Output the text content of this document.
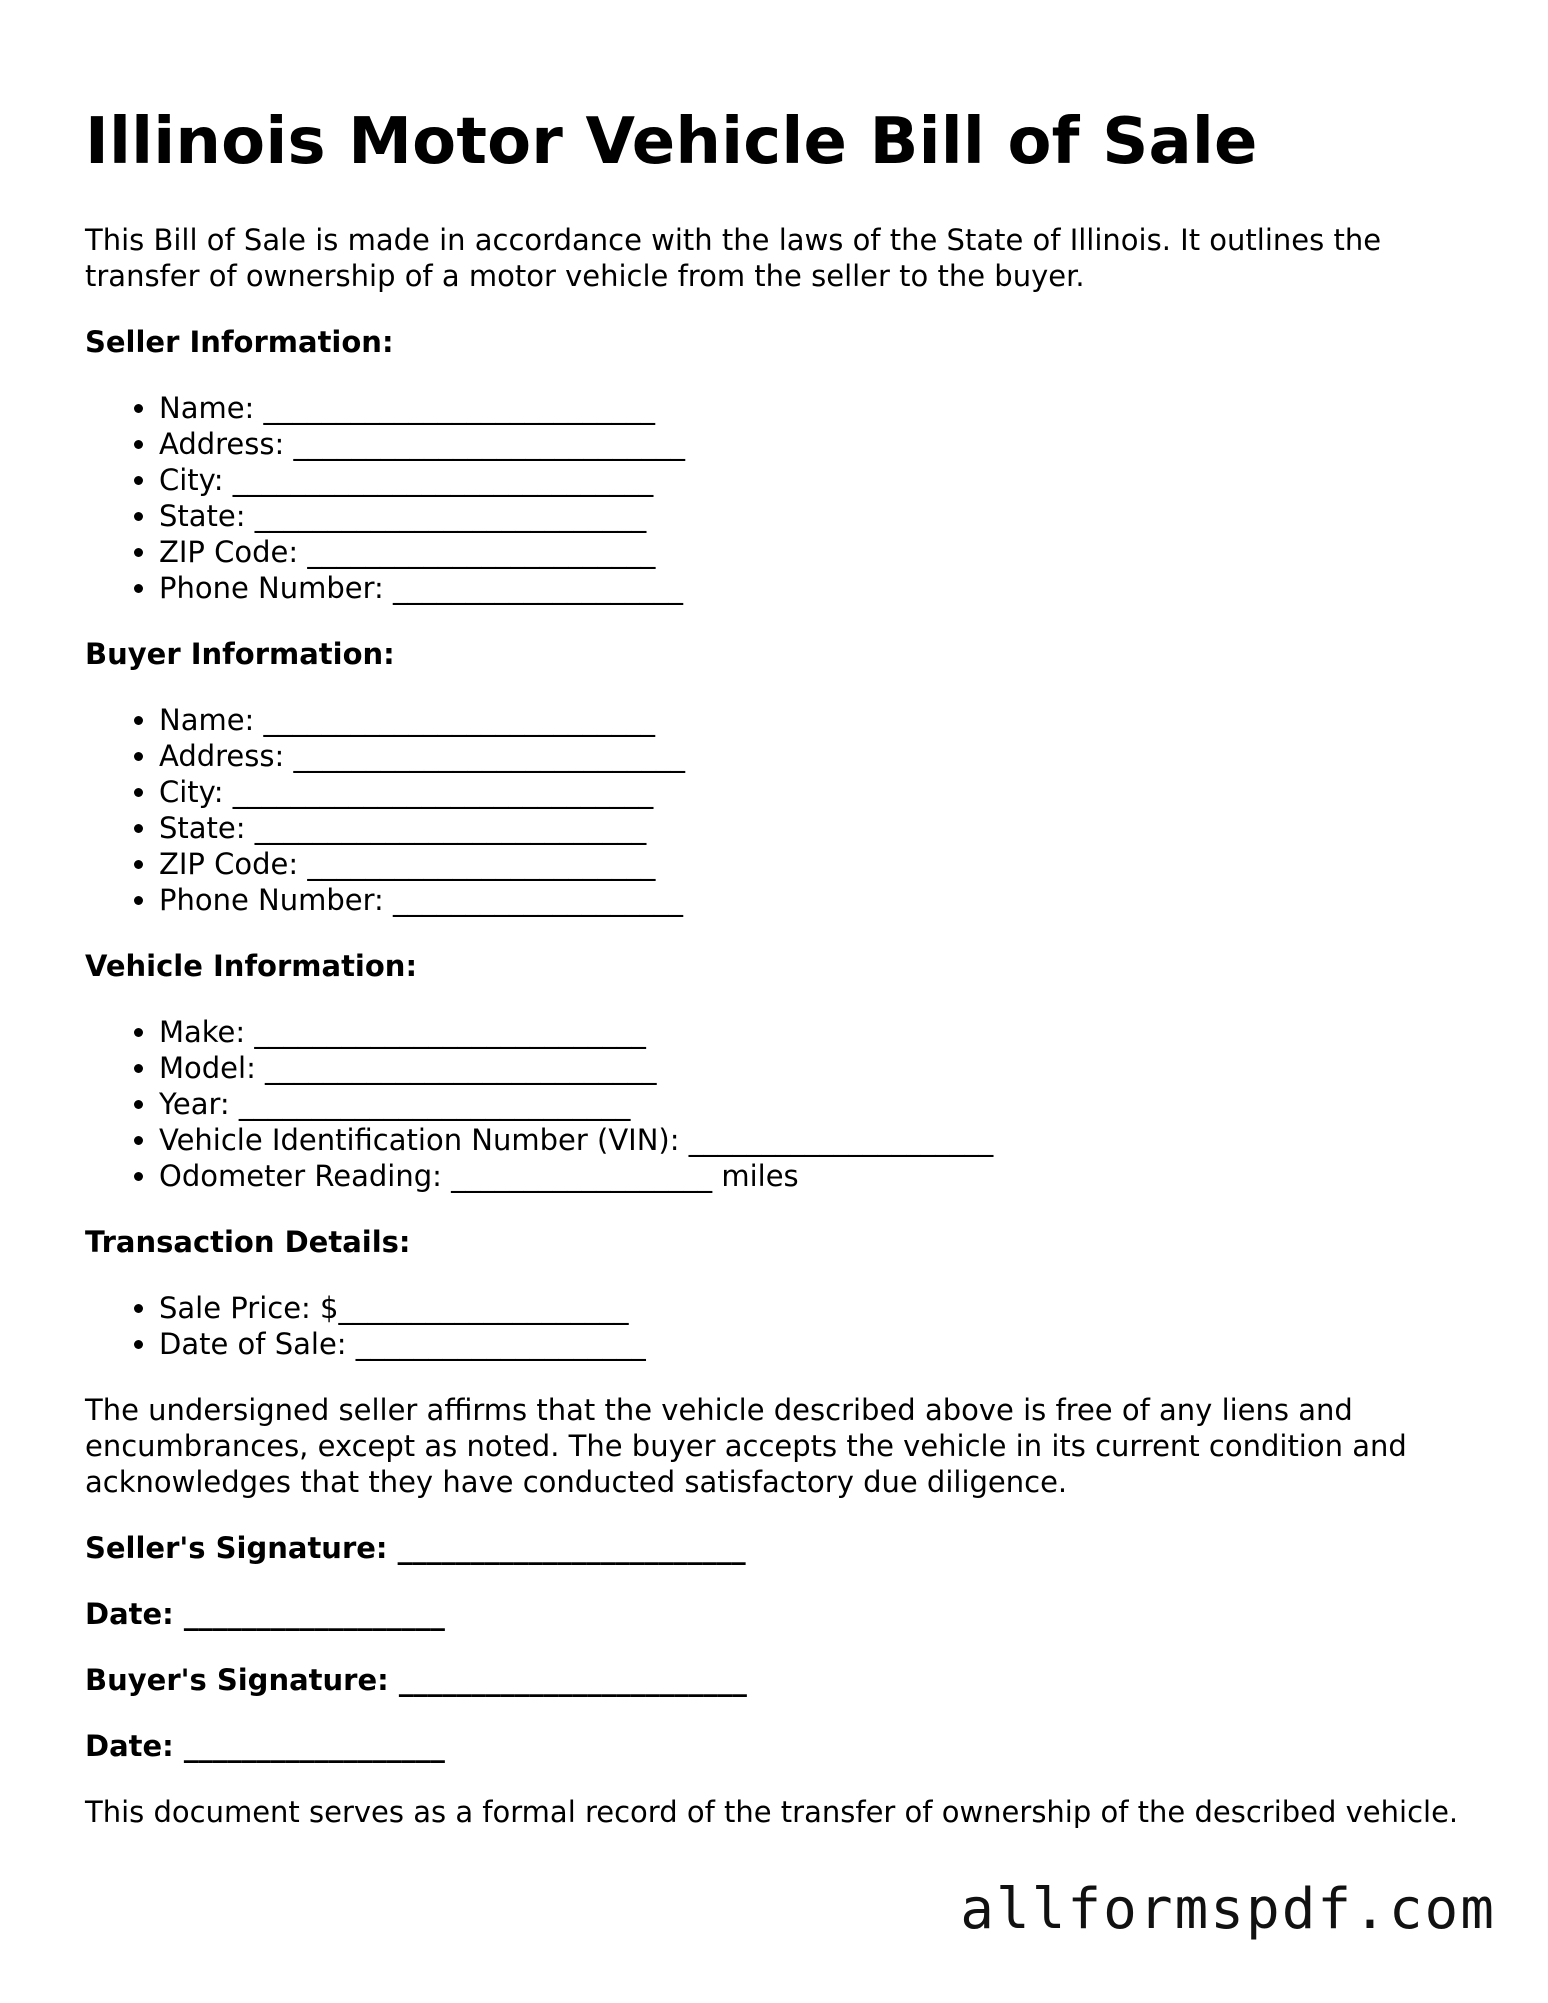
Illinois Motor Vehicle Bill of Sale

This Bill of Sale is made in accordance with the laws of the State of Illinois. It outlines the transfer of ownership of a motor vehicle from the seller to the buyer.

Seller Information:
• Name: ___________________________
• Address: ___________________________
• City: _____________________________
• State: ___________________________
• ZIP Code: ________________________
• Phone Number: ____________________
Buyer Information:
• Name: ___________________________
• Address: ___________________________
• City: _____________________________
• State: ___________________________
• ZIP Code: ________________________
• Phone Number: ____________________
Vehicle Information:
• Make: ___________________________
• Model: ___________________________
• Year: ___________________________
• Vehicle Identification Number (VIN): _____________________
• Odometer Reading: __________________ miles
Transaction Details:
• Sale Price: $____________________
• Date of Sale: ____________________

The undersigned seller affirms that the vehicle described above is free of any liens and encumbrances, except as noted. The buyer accepts the vehicle in its current condition and acknowledges that they have conducted satisfactory due diligence.

Seller's Signature: ________________________
Date: __________________
Buyer's Signature: ________________________
Date: __________________

This document serves as a formal record of the transfer of ownership of the described vehicle.

allformspdf.com
